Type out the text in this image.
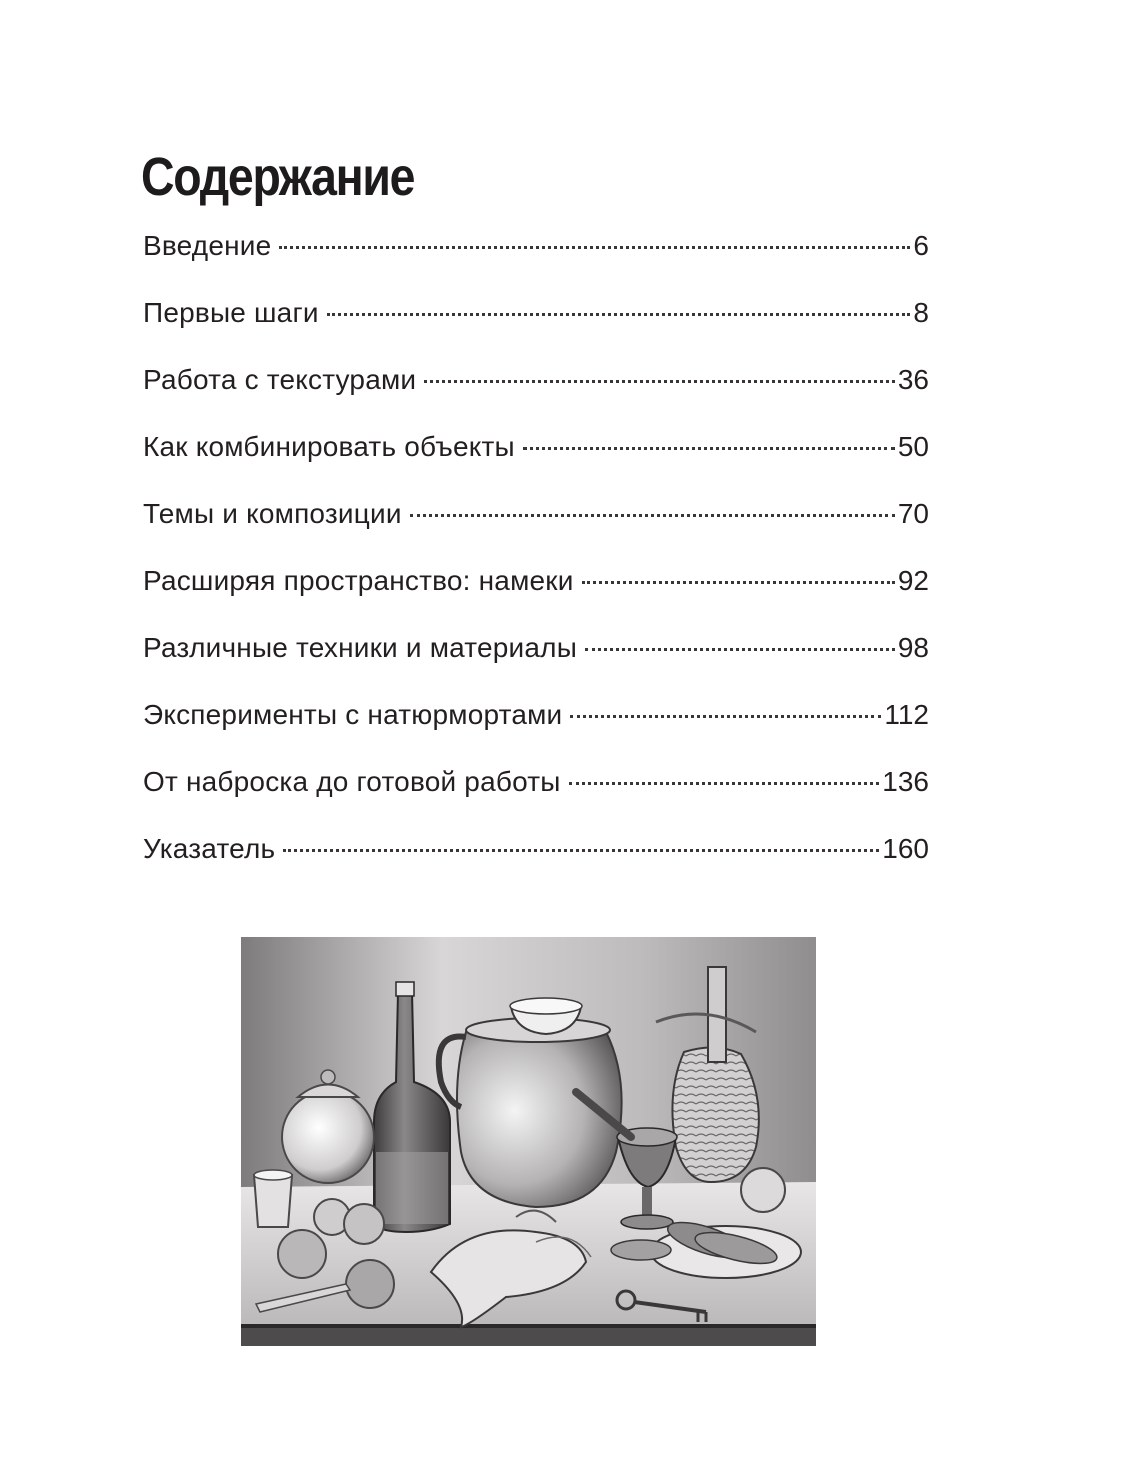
Содержание
Введение	6
Первые шаги	8
Работа с текстурами	36
Как комбинировать объекты	50
Темы и композиции	70
Расширяя пространство: намеки	92
Различные техники и материалы	98
Эксперименты с натюрмортами	112
От наброска до готовой работы	136
Указатель	160
